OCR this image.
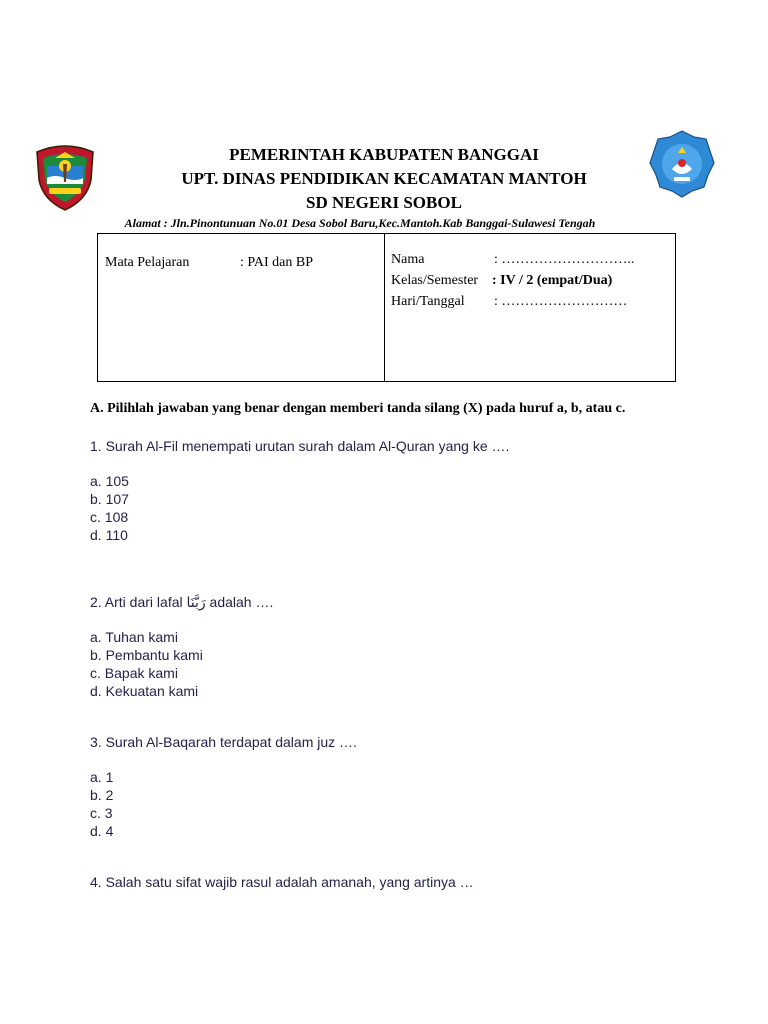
PEMERINTAH KABUPATEN BANGGAI
UPT. DINAS PENDIDIKAN KECAMATAN MANTOH
SD NEGERI SOBOL
Alamat : Jln.Pinontunuan No.01 Desa Sobol Baru,Kec.Mantoh.Kab Banggai-Sulawesi Tengah
Mata Pelajaran	: PAI dan BP	Nama	: ………………………..
Kelas/Semester : IV / 2 (empat/Dua)
Hari/Tanggal : ………………………
A. Pilihlah jawaban yang benar dengan memberi tanda silang (X) pada huruf a, b, atau c.
1. Surah Al-Fil menempati urutan surah dalam Al-Quran yang ke ….
a. 105
b. 107
c. 108
d. 110
2. Arti dari lafal رَبَّنَا adalah ….
a. Tuhan kami
b. Pembantu kami
c. Bapak kami
d. Kekuatan kami
3. Surah Al-Baqarah terdapat dalam juz ….
a. 1
b. 2
c. 3
d. 4
4. Salah satu sifat wajib rasul adalah amanah, yang artinya …
